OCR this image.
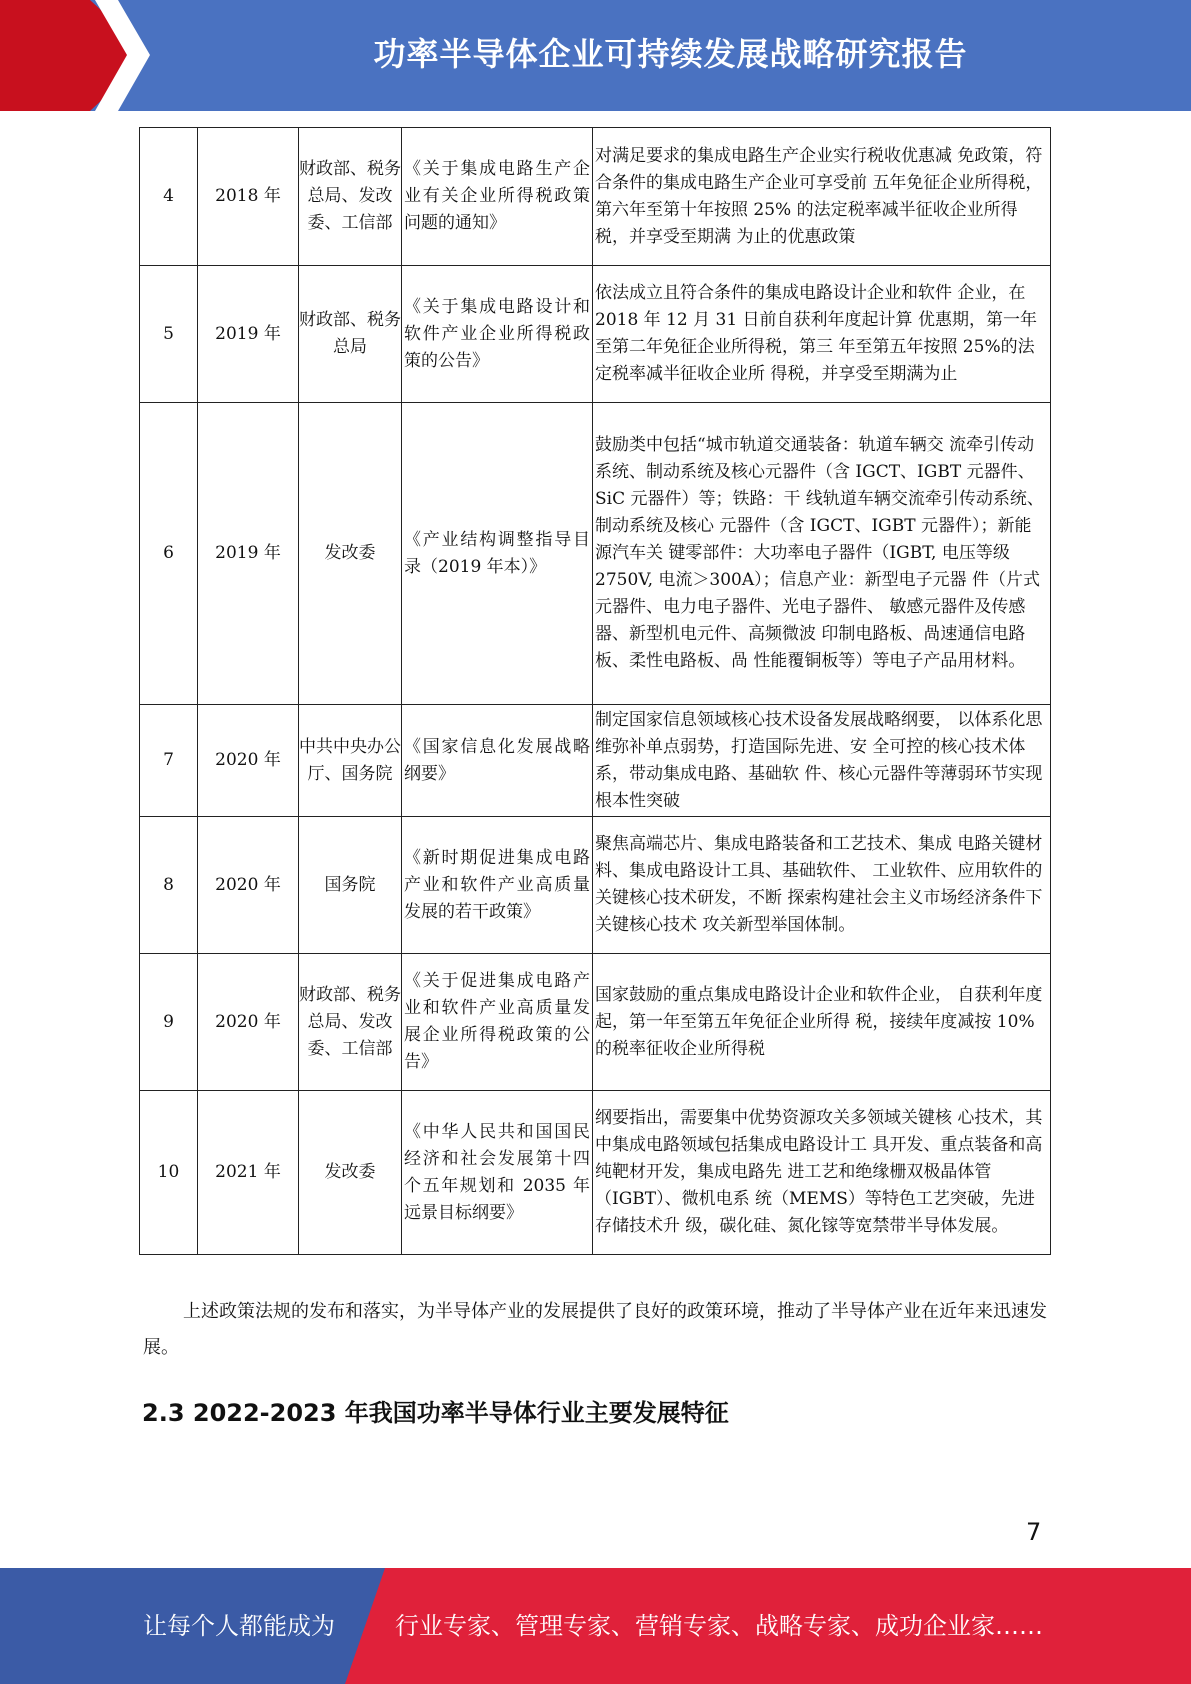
功率半导体企业可持续发展战略研究报告
4	2018 年	财政部、税务总局、发改委、工信部	《关于集成电路生产企业有关企业所得税政策问题的通知》	对满足要求的集成电路生产企业实行税收优惠减 免政策，符合条件的集成电路生产企业可享受前 五年免征企业所得税，第六年至第十年按照 25% 的法定税率减半征收企业所得税，并享受至期满 为止的优惠政策
5	2019 年	财政部、税务总局	《关于集成电路设计和软件产业企业所得税政策的公告》	依法成立且符合条件的集成电路设计企业和软件 企业，在 2018 年 12 月 31 日前自获利年度起计算 优惠期，第一年至第二年免征企业所得税，第三 年至第五年按照 25%的法定税率减半征收企业所 得税，并享受至期满为止
6	2019 年	发改委	《产业结构调整指导目录（2019 年本）》	鼓励类中包括“城市轨道交通装备：轨道车辆交 流牵引传动系统、制动系统及核心元器件（含 IGCT、IGBT 元器件、SiC 元器件）等；铁路：干 线轨道车辆交流牵引传动系统、制动系统及核心 元器件（含 IGCT、IGBT 元器件）；新能源汽车关 键零部件：大功率电子器件（IGBT, 电压等级 2750V, 电流＞300A）；信息产业：新型电子元器 件（片式元器件、电力电子器件、光电子器件、 敏感元器件及传感器、新型机电元件、高频微波 印制电路板、咼速通信电路板、柔性电路板、咼 性能覆铜板等）等电子产品用材料。
7	2020 年	中共中央办公厅、国务院	《国家信息化发展战略纲要》	制定国家信息领域核心技术设备发展战略纲要， 以体系化思维弥补单点弱势，打造国际先进、安 全可控的核心技术体系，带动集成电路、基础软 件、核心元器件等薄弱环节实现根本性突破
8	2020 年	国务院	《新时期促进集成电路产业和软件产业高质量发展的若干政策》	聚焦高端芯片、集成电路装备和工艺技术、集成 电路关键材料、集成电路设计工具、基础软件、 工业软件、应用软件的关键核心技术研发，不断 探索构建社会主义市场经济条件下关键核心技术 攻关新型举国体制。
9	2020 年	财政部、税务总局、发改委、工信部	《关于促进集成电路产业和软件产业高质量发展企业所得税政策的公告》	国家鼓励的重点集成电路设计企业和软件企业， 自获利年度起，第一年至第五年免征企业所得 税，接续年度减按 10%的税率征收企业所得税
10	2021 年	发改委	《中华人民共和国国民经济和社会发展第十四个五年规划和 2035 年远景目标纲要》	纲要指出，需要集中优势资源攻关多领域关键核 心技术，其中集成电路领域包括集成电路设计工 具开发、重点装备和高纯靶材开发，集成电路先 进工艺和绝缘栅双极晶体管（IGBT）、微机电系 统（MEMS）等特色工艺突破，先进存储技术升 级，碳化硅、氮化镓等宽禁带半导体发展。

上述政策法规的发布和落实，为半导体产业的发展提供了良好的政策环境，推动了半导体产业在近年来迅速发展。

2.3 2022-2023 年我国功率半导体行业主要发展特征
7
让每个人都能成为	行业专家、管理专家、营销专家、战略专家、成功企业家……
